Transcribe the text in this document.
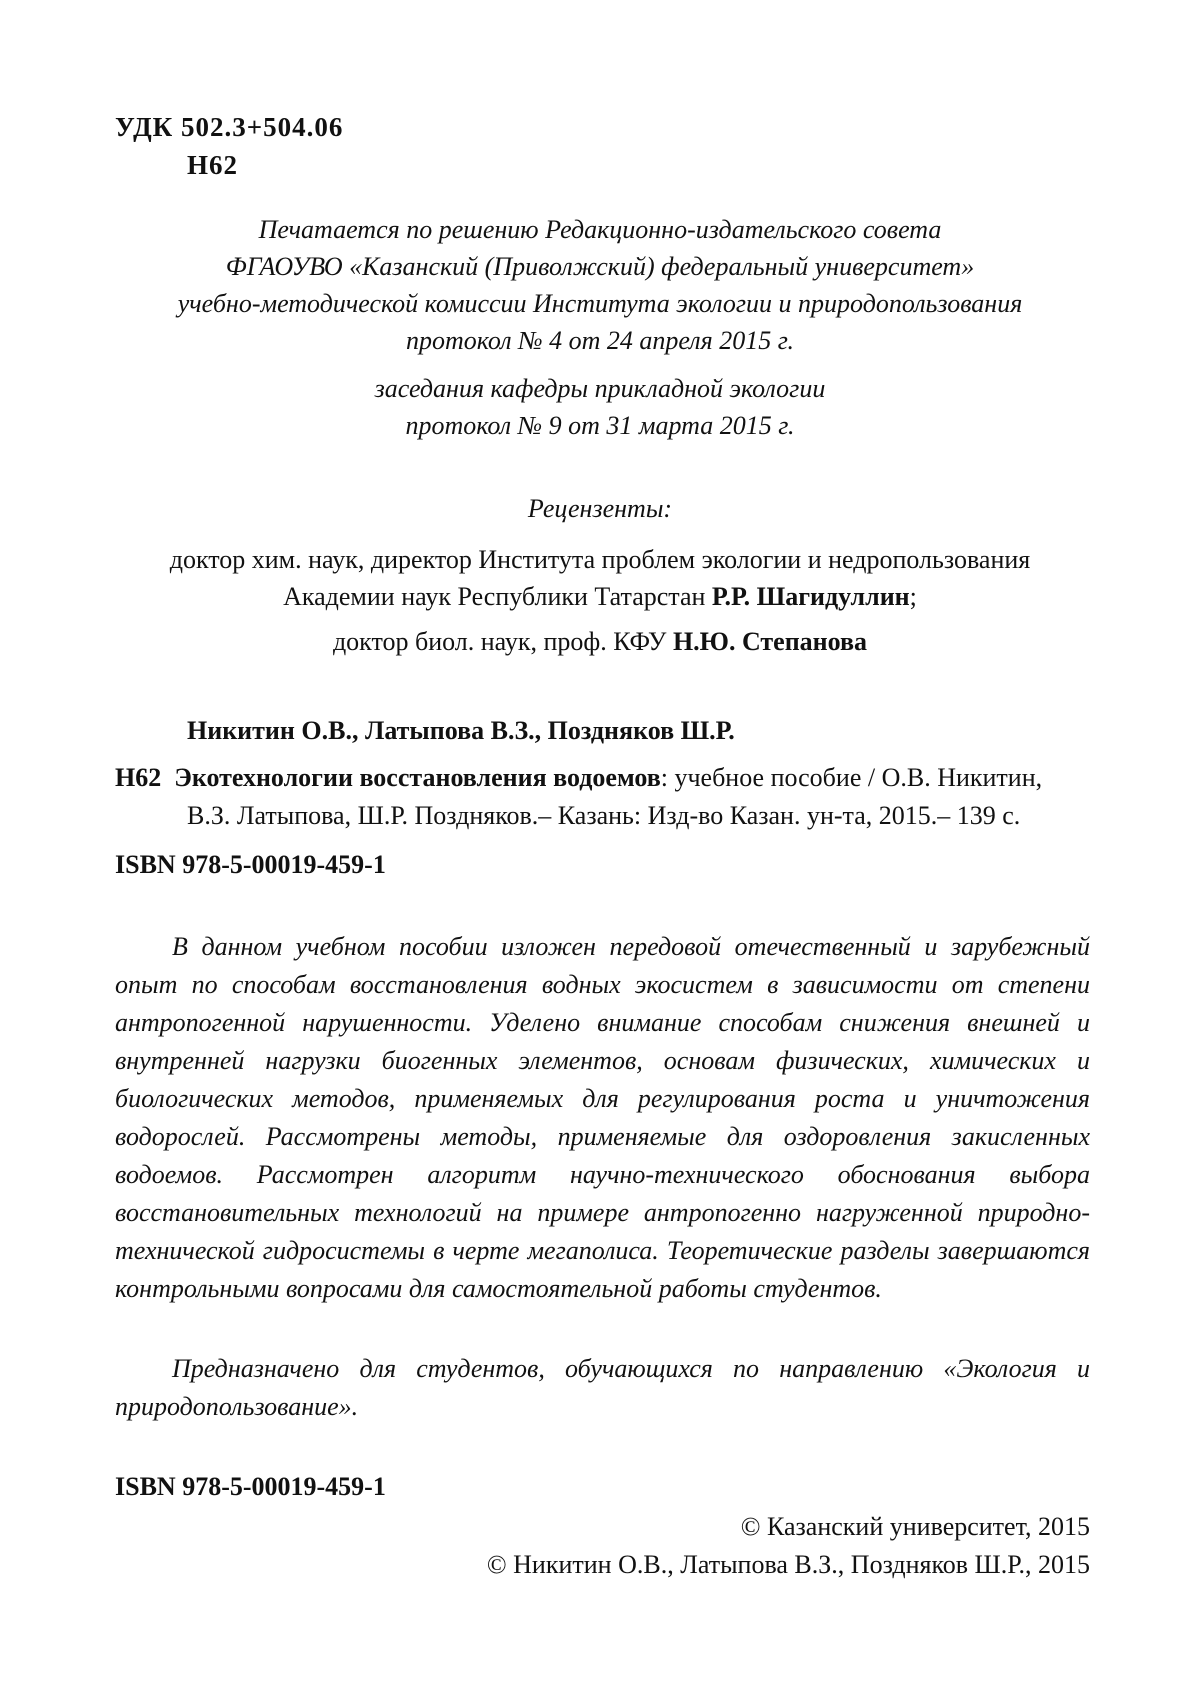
УДК 502.3+504.06
Н62
Печатается по решению Редакционно-издательского совета
ФГАОУВО «Казанский (Приволжский) федеральный университет»
учебно-методической комиссии Института экологии и природопользования
протокол № 4 от 24 апреля 2015 г.
заседания кафедры прикладной экологии
протокол № 9 от 31 марта 2015 г.
Рецензенты:
доктор хим. наук, директор Института проблем экологии и недропользования
Академии наук Республики Татарстан Р.Р. Шагидуллин;
доктор биол. наук, проф. КФУ Н.Ю. Степанова
Никитин О.В., Латыпова В.З., Поздняков Ш.Р.
Н62 Экотехнологии восстановления водоемов: учебное пособие / О.В. Никитин,
В.З. Латыпова, Ш.Р. Поздняков.– Казань: Изд-во Казан. ун-та, 2015.– 139 с.
ISBN 978-5-00019-459-1

В данном учебном пособии изложен передовой отечественный и зарубежный опыт по способам восстановления водных экосистем в зависимости от степени антропогенной нарушенности. Уделено внимание способам снижения внешней и внутренней нагрузки биогенных элементов, основам физических, химических и биологических методов, применяемых для регулирования роста и уничтожения водорослей. Рассмотрены методы, применяемые для оздоровления закисленных водоемов. Рассмотрен алгоритм научно-технического обоснования выбора восстановительных технологий на примере антропогенно нагруженной природно-технической гидросистемы в черте мегаполиса. Теоретические разделы завершаются контрольными вопросами для самостоятельной работы студентов.

Предназначено для студентов, обучающихся по направлению «Экология и природопользование».

ISBN 978-5-00019-459-1
© Казанский университет, 2015
© Никитин О.В., Латыпова В.З., Поздняков Ш.Р., 2015
